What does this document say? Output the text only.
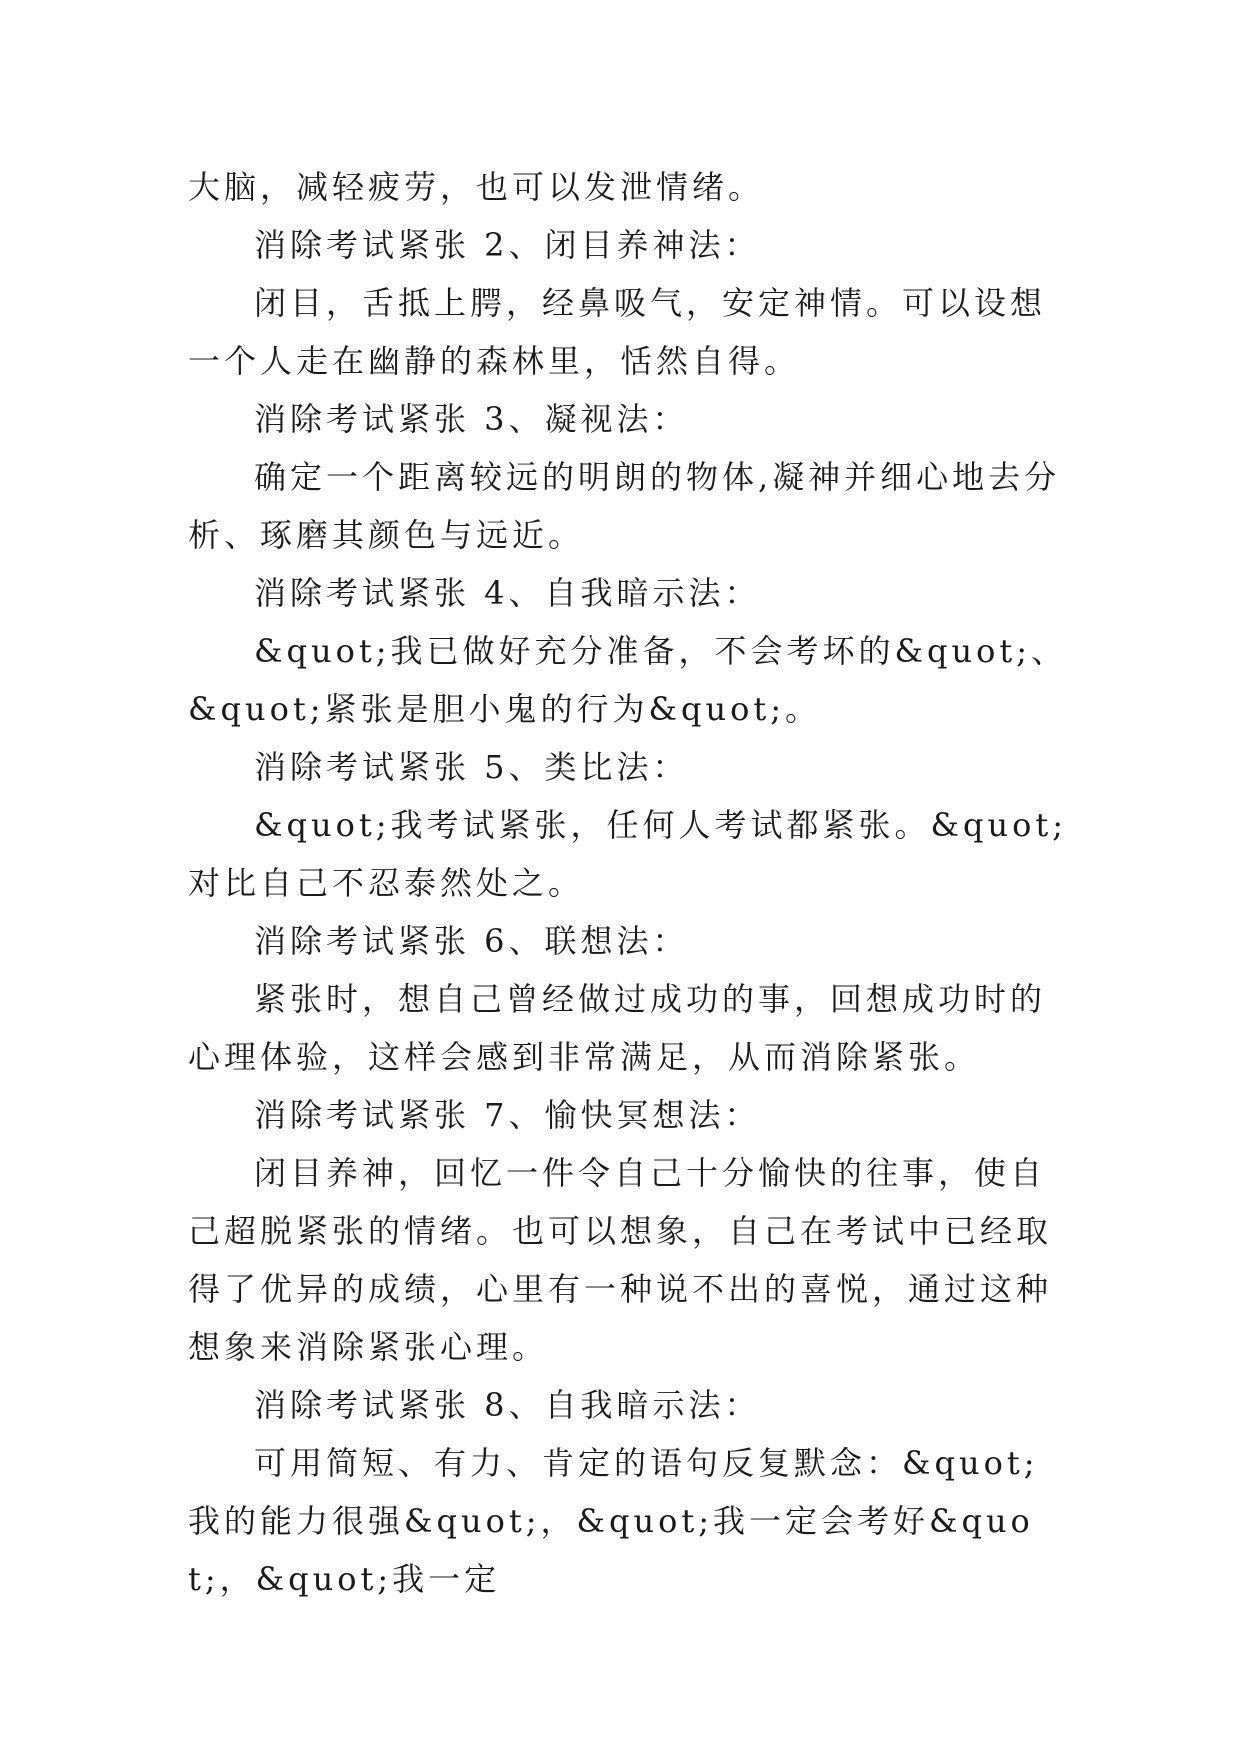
大脑，减轻疲劳，也可以发泄情绪。

消除考试紧张 2、闭目养神法：

闭目，舌抵上腭，经鼻吸气，安定神情。可以设想一个人走在幽静的森林里，恬然自得。

消除考试紧张 3、凝视法：

确定一个距离较远的明朗的物体,凝神并细心地去分析、琢磨其颜色与远近。

消除考试紧张 4、自我暗示法：

&quot;我已做好充分准备，不会考坏的&quot;、&quot;紧张是胆小鬼的行为&quot;。

消除考试紧张 5、类比法：

&quot;我考试紧张，任何人考试都紧张。&quot;对比自己不忍泰然处之。

消除考试紧张 6、联想法：

紧张时，想自己曾经做过成功的事，回想成功时的心理体验，这样会感到非常满足，从而消除紧张。

消除考试紧张 7、愉快冥想法：

闭目养神，回忆一件令自己十分愉快的往事，使自己超脱紧张的情绪。也可以想象，自己在考试中已经取得了优异的成绩，心里有一种说不出的喜悦，通过这种想象来消除紧张心理。

消除考试紧张 8、自我暗示法：

可用简短、有力、肯定的语句反复默念：&quot;我的能力很强&quot;，&quot;我一定会考好&quot;，&quot;我一定
